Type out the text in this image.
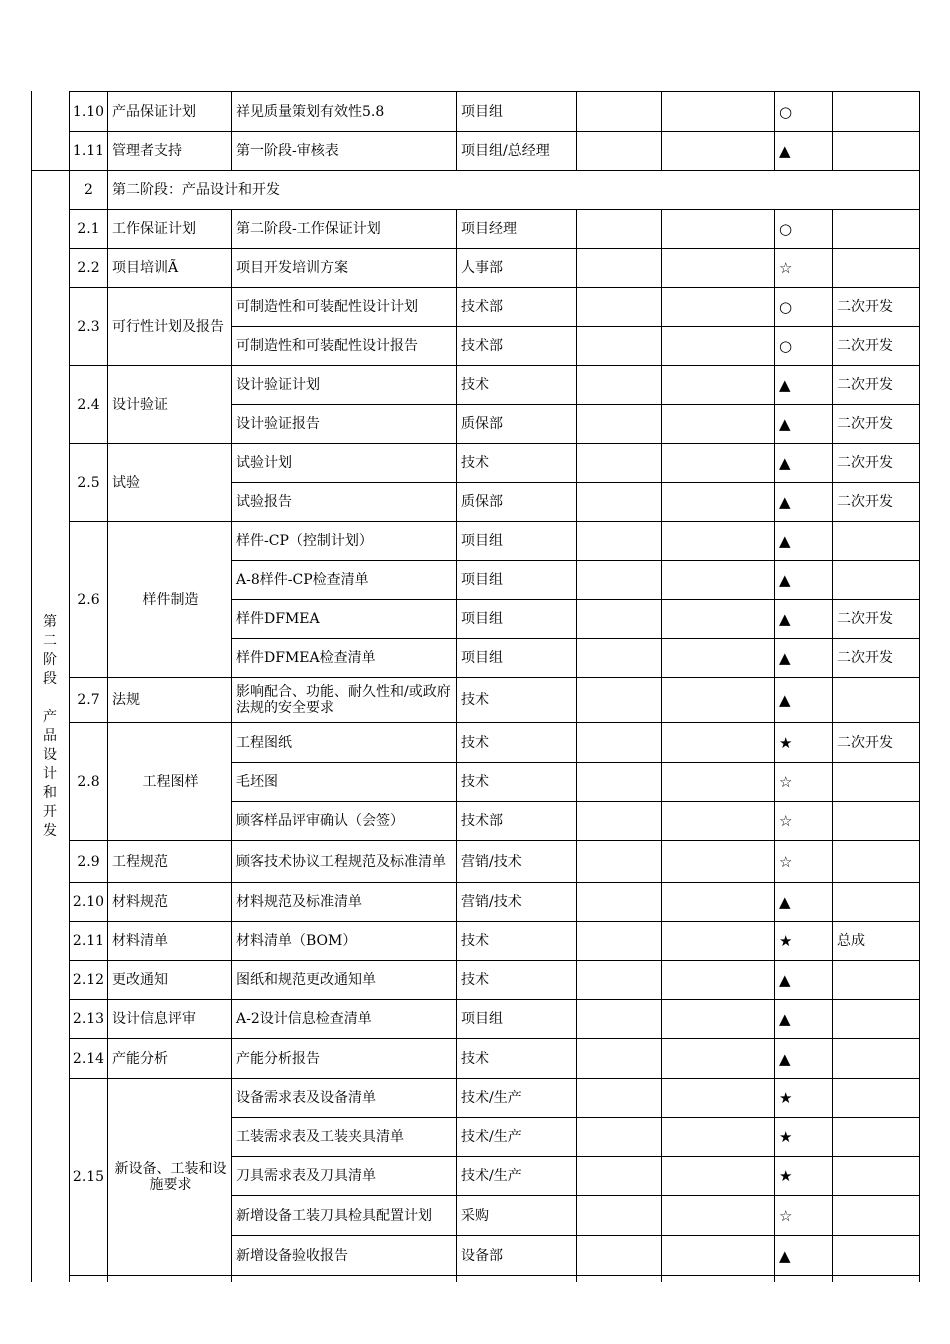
1.10 产品保证计划	祥见质量策划有效性5.8	项目组	○
1.11 管理者支持	第一阶段-审核表	项目组/总经理	▲
2	第二阶段：产品设计和开发
2.1 工作保证计划	第二阶段-工作保证计划	项目经理	○
2.2 项目培训Ã	项目开发培训方案	人事部	☆
2.3 可行性计划及报告
可制造性和可装配性设计计划	技术部	○	二次开发
可制造性和可装配性设计报告	技术部	○	二次开发
2.4 设计验证
设计验证计划	技术	▲	二次开发
设计验证报告	质保部	▲	二次开发
2.5 试验
试验计划	技术	▲	二次开发
试验报告	质保部	▲	二次开发
2.6	样件制造
样件-CP（控制计划）	项目组	▲
A-8样件-CP检查清单	项目组	▲
样件DFMEA	项目组	▲	二次开发
样件DFMEA检查清单	项目组	▲	二次开发
2.7 法规	影响配合、功能、耐久性和/或政府法规的安全要求	技术	▲
2.8	工程图样
工程图纸	技术	★	二次开发
毛坯图	技术	☆
顾客样品评审确认（会签）	技术部	☆
2.9 工程规范	顾客技术协议工程规范及标准清单	营销/技术	☆
2.10 材料规范	材料规范及标准清单	营销/技术	▲
2.11 材料清单	材料清单（BOM）	技术	★	总成
2.12 更改通知	图纸和规范更改通知单	技术	▲
2.13 设计信息评审	A-2设计信息检查清单	项目组	▲
2.14 产能分析	产能分析报告	技术	▲
2.15 新设备、工装和设施要求
设备需求表及设备清单	技术/生产	★
工装需求表及工装夹具清单	技术/生产	★
刀具需求表及刀具清单	技术/生产	★
新增设备工装刀具检具配置计划	采购	☆
新增设备验收报告	设备部	▲
第
二
阶
段
产
品
设
计
和
开
发
